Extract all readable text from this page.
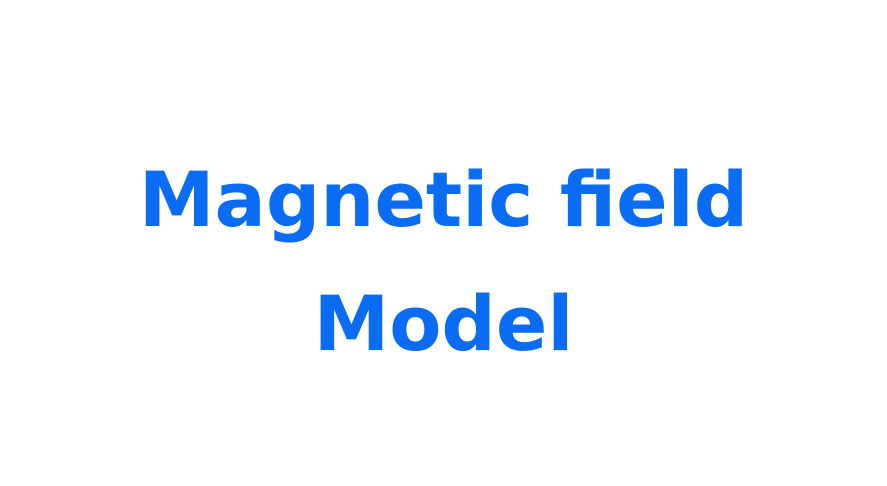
Magnetic field
Model
